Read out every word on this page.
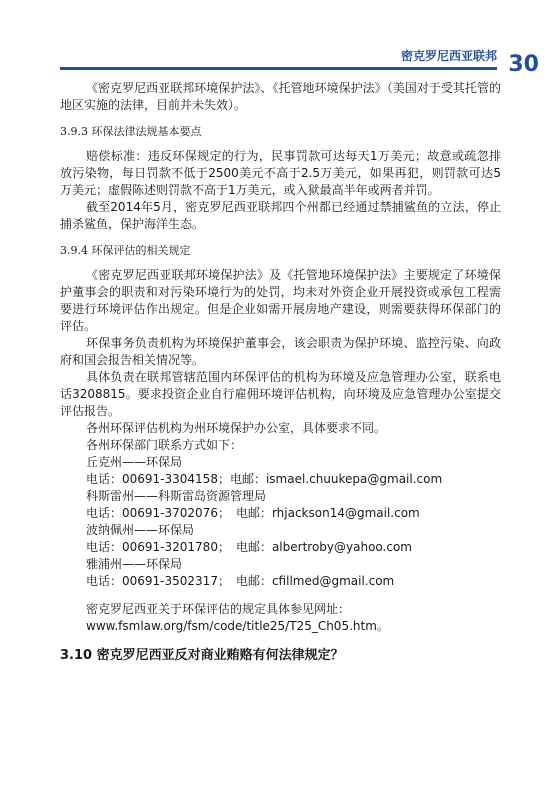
密克罗尼西亚联邦 30

《密克罗尼西亚联邦环境保护法》、《托管地环境保护法》（美国对于受其托管的地区实施的法律，目前并未失效）。

3.9.3 环保法律法规基本要点

赔偿标准：违反环保规定的行为，民事罚款可达每天1万美元；故意或疏忽排放污染物，每日罚款不低于2500美元不高于2.5万美元，如果再犯，则罚款可达5万美元；虚假陈述则罚款不高于1万美元，或入狱最高半年或两者并罚。

截至2014年5月，密克罗尼西亚联邦四个州都已经通过禁捕鲨鱼的立法，停止捕杀鲨鱼，保护海洋生态。

3.9.4 环保评估的相关规定

《密克罗尼西亚联邦环境保护法》及《托管地环境保护法》主要规定了环境保护董事会的职责和对污染环境行为的处罚，均未对外资企业开展投资或承包工程需要进行环境评估作出规定。但是企业如需开展房地产建设，则需要获得环保部门的评估。

环保事务负责机构为环境保护董事会，该会职责为保护环境、监控污染、向政府和国会报告相关情况等。

具体负责在联邦管辖范围内环保评估的机构为环境及应急管理办公室，联系电话3208815。要求投资企业自行雇佣环境评估机构，向环境及应急管理办公室提交评估报告。

各州环保评估机构为州环境保护办公室，具体要求不同。
各州环保部门联系方式如下：
丘克州——环保局
电话：00691-3304158；电邮：ismael.chuukepa@gmail.com
科斯雷州——科斯雷岛资源管理局
电话：00691-3702076；　电邮：rhjackson14@gmail.com
波纳佩州——环保局
电话：00691-3201780；　电邮：albertroby@yahoo.com
雅浦州——环保局
电话：00691-3502317；　电邮：cfillmed@gmail.com
密克罗尼西亚关于环保评估的规定具体参见网址：
www.fsmlaw.org/fsm/code/title25/T25_Ch05.htm。
3.10 密克罗尼西亚反对商业贿赂有何法律规定？
